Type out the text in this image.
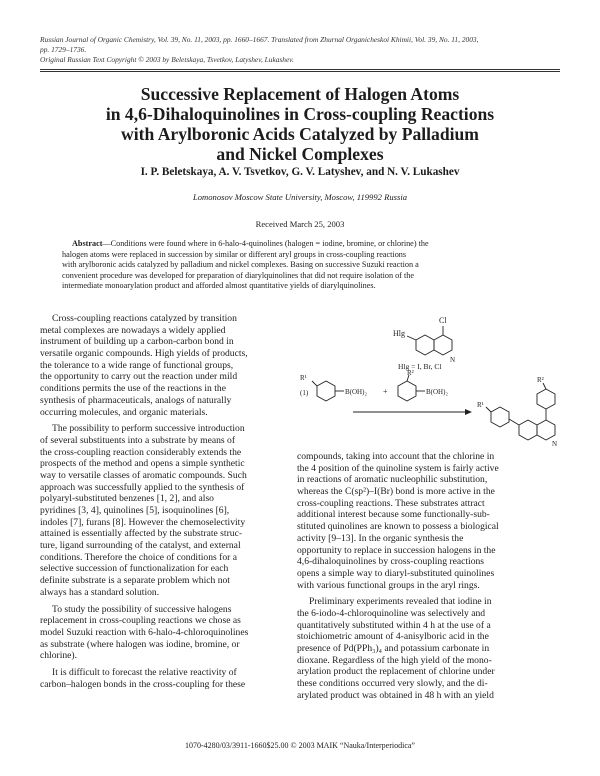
Russian Journal of Organic Chemistry, Vol. 39, No. 11, 2003, pp. 1660–1667. Translated from Zhurnal Organicheskoi Khimii, Vol. 39, No. 11, 2003,
pp. 1729–1736.
Original Russian Text Copyright © 2003 by Beletskaya, Tsvetkov, Latyshev, Lukashev.
Successive Replacement of Halogen Atoms
in 4,6-Dihaloquinolines in Cross-coupling Reactions
with Arylboronic Acids Catalyzed by Palladium
and Nickel Complexes
I. P. Beletskaya, A. V. Tsvetkov, G. V. Latyshev, and N. V. Lukashev
Lomonosov Moscow State University, Moscow, 119992 Russia
Received March 25, 2003
Abstract—Conditions were found where in 6-halo-4-quinolines (halogen = iodine, bromine, or chlorine) the
halogen atoms were replaced in succession by similar or different aryl groups in cross-coupling reactions
with arylboronic acids catalyzed by palladium and nickel complexes. Basing on successive Suzuki reaction a
convenient procedure was developed for preparation of diarylquinolines that did not require isolation of the
intermediate monoarylation product and afforded almost quantitative yields of diarylquinolines.
Cross-coupling reactions catalyzed by transition
metal complexes are nowadays a widely applied
instrument of building up a carbon-carbon bond in
versatile organic compounds. High yields of products,
the tolerance to a wide range of functional groups,
the opportunity to carry out the reaction under mild
conditions permits the use of the reactions in the
synthesis of pharmaceuticals, analogs of naturally
occurring molecules, and organic materials.
The possibility to perform successive introduction
of several substituents into a substrate by means of
the cross-coupling reaction considerably extends the
prospects of the method and opens a simple synthetic
way to versatile classes of aromatic compounds. Such
approach was successfully applied to the synthesis of
polyaryl-substituted benzenes [1, 2], and also
pyridines [3, 4], quinolines [5], isoquinolines [6],
indoles [7], furans [8]. However the chemoselectivity
attained is essentially affected by the substrate struc-
ture, ligand surrounding of the catalyst, and external
conditions. Therefore the choice of conditions for a
selective succession of functionalization for each
definite substrate is a separate problem which not
always has a standard solution.
To study the possibility of successive halogens
replacement in cross-coupling reactions we chose as
model Suzuki reaction with 6-halo-4-chloroquinolines
as substrate (where halogen was iodine, bromine, or
chlorine).
It is difficult to forecast the relative reactivity of
carbon–halogen bonds in the cross-coupling for these
Hlg
Cl
N
Hlg = I, Br, Cl
R¹
(1)	B(OH)₂ +
R²
B(OH)₂
R¹
R²
N
compounds, taking into account that the chlorine in
the 4 position of the quinoline system is fairly active
in reactions of aromatic nucleophilic substitution,
whereas the C(sp²)–I(Br) bond is more active in the
cross-coupling reactions. These substrates attract
additional interest because some functionally-sub-
stituted quinolines are known to possess a biological
activity [9–13]. In the organic synthesis the
opportunity to replace in succession halogens in the
4,6-dihaloquinolines by cross-coupling reactions
opens a simple way to diaryl-substituted quinolines
with various functional groups in the aryl rings.
Preliminary experiments revealed that iodine in
the 6-iodo-4-chloroquinoline was selectively and
quantitatively substituted within 4 h at the use of a
stoichiometric amount of 4-anisylboric acid in the
presence of Pd(PPh₃)₄ and potassium carbonate in
dioxane. Regardless of the high yield of the mono-
arylation product the replacement of chlorine under
these conditions occurred very slowly, and the di-
arylated product was obtained in 48 h with an yield
1070-4280/03/3911-1660$25.00 © 2003 MAIK “Nauka/Interperiodica”
